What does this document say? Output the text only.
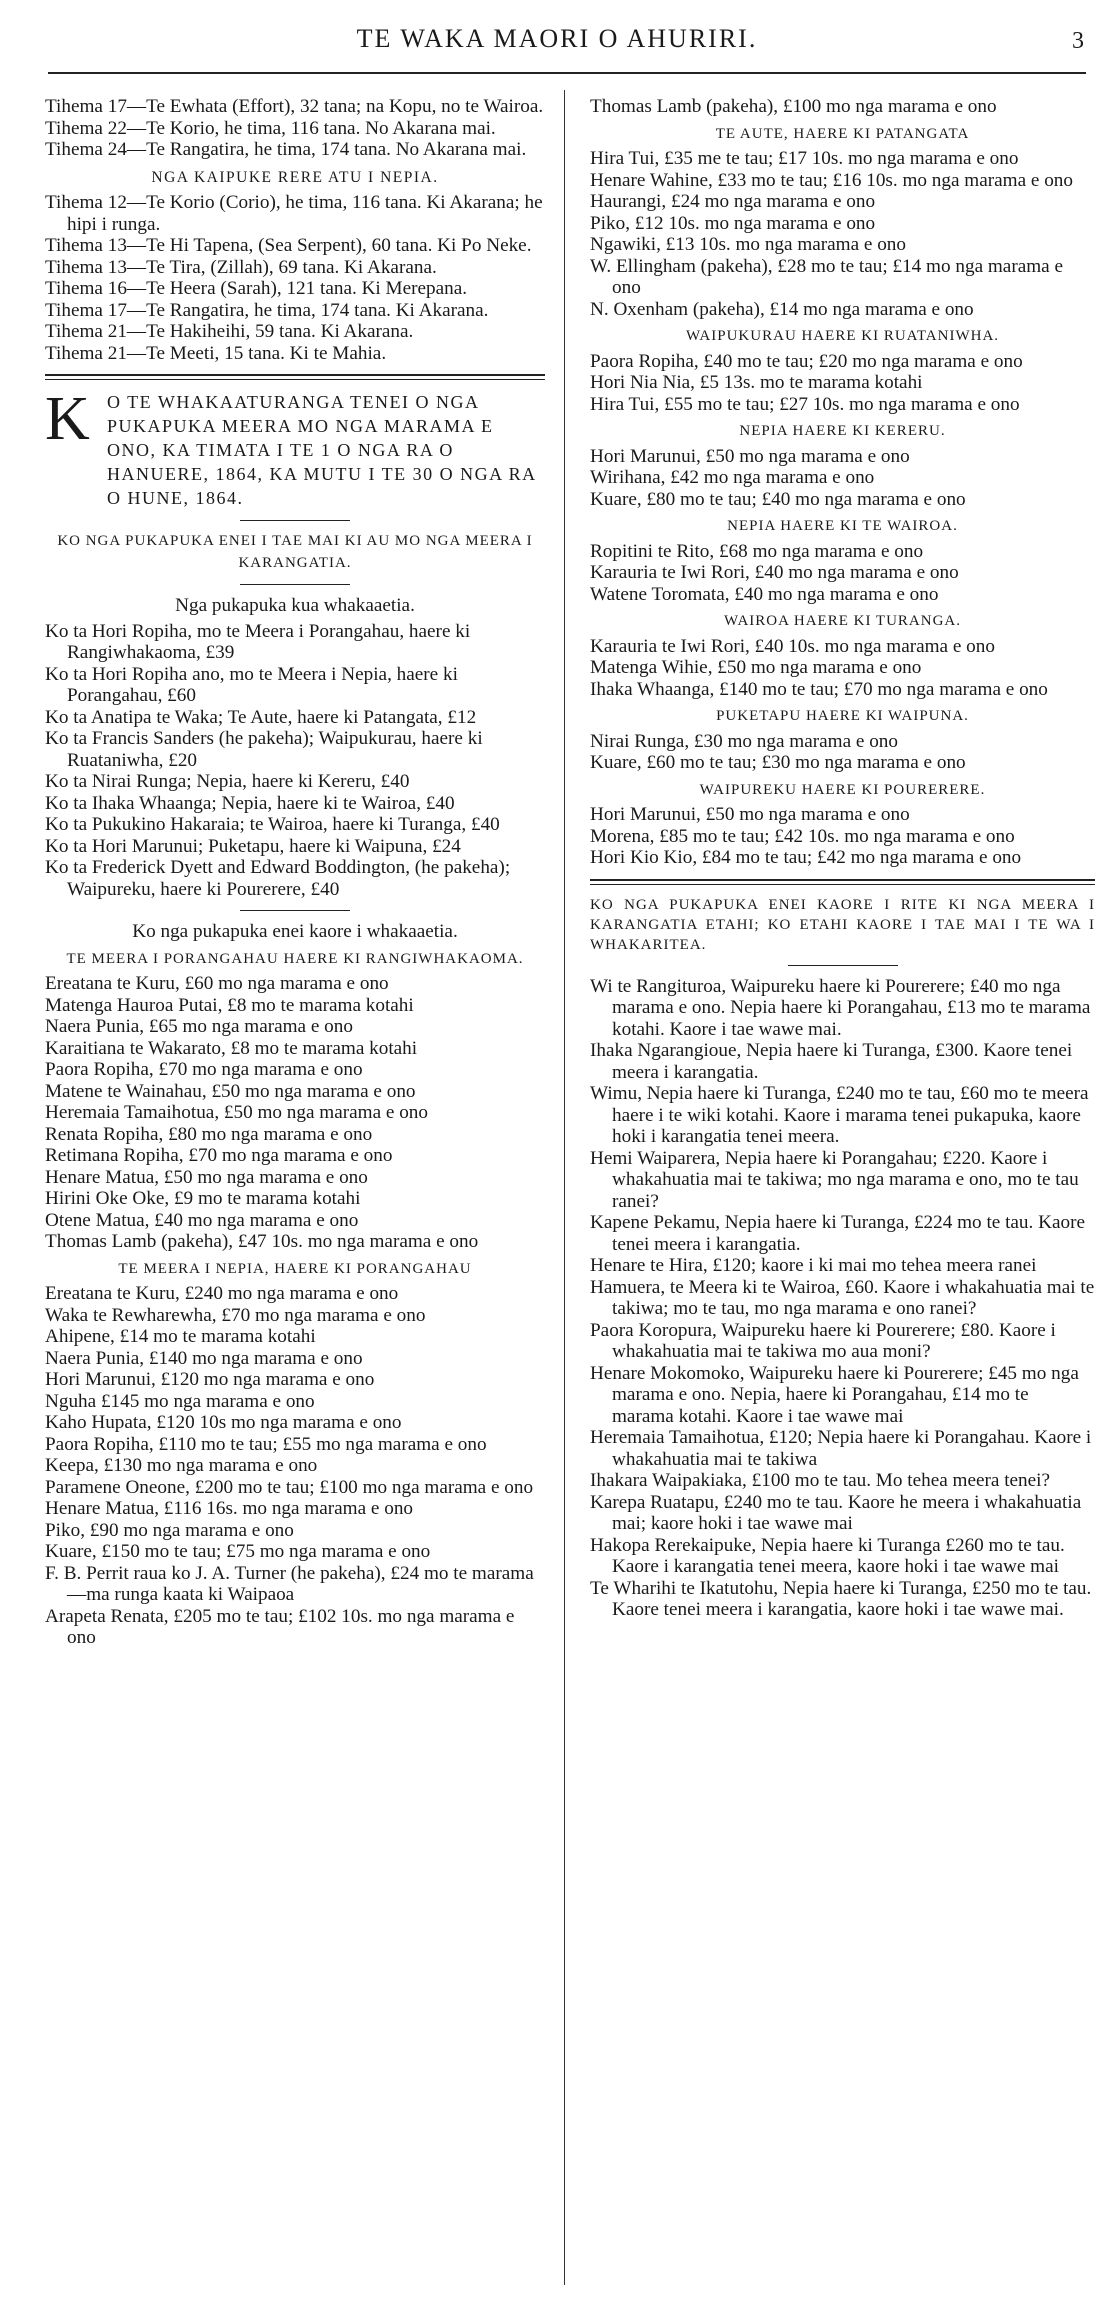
TE WAKA MAORI O AHURIRI.	3

Tihema 17—Te Ewhata (Effort), 32 tana; na Kopu, no te Wairoa.

Tihema 22—Te Korio, he tima, 116 tana. No Akarana mai.

Tihema 24—Te Rangatira, he tima, 174 tana. No Akarana mai.

NGA KAIPUKE RERE ATU I NEPIA.

Tihema 12—Te Korio (Corio), he tima, 116 tana. Ki Akarana; he hipi i runga.

Tihema 13—Te Hi Tapena, (Sea Serpent), 60 tana. Ki Po Neke.

Tihema 13—Te Tira, (Zillah), 69 tana. Ki Akarana.

Tihema 16—Te Heera (Sarah), 121 tana. Ki Merepana.

Tihema 17—Te Rangatira, he tima, 174 tana. Ki Akarana.

Tihema 21—Te Hakiheihi, 59 tana. Ki Akarana.

Tihema 21—Te Meeti, 15 tana. Ki te Mahia.

K O TE WHAKAATURANGA TENEI O NGA PUKAPUKA MEERA MO NGA MARAMA E ONO, KA TIMATA I TE 1 O NGA RA O HANUERE, 1864, KA MUTU I TE 30 O NGA RA O HUNE, 1864.
KO NGA PUKAPUKA ENEI I TAE MAI KI AU MO NGA MEERA I KARANGATIA.
Nga pukapuka kua whakaaetia.

Ko ta Hori Ropiha, mo te Meera i Porangahau, haere ki Rangiwhakaoma, £39

Ko ta Hori Ropiha ano, mo te Meera i Nepia, haere ki Porangahau, £60

Ko ta Anatipa te Waka; Te Aute, haere ki Patangata, £12

Ko ta Francis Sanders (he pakeha); Waipukurau, haere ki Ruataniwha, £20

Ko ta Nirai Runga; Nepia, haere ki Kereru, £40

Ko ta Ihaka Whaanga; Nepia, haere ki te Wairoa, £40

Ko ta Pukukino Hakaraia; te Wairoa, haere ki Turanga, £40

Ko ta Hori Marunui; Puketapu, haere ki Waipuna, £24

Ko ta Frederick Dyett and Edward Boddington, (he pakeha); Waipureku, haere ki Pourerere, £40

Ko nga pukapuka enei kaore i whakaaetia.
TE MEERA I PORANGAHAU HAERE KI RANGIWHAKAOMA.

Ereatana te Kuru, £60 mo nga marama e ono

Matenga Hauroa Putai, £8 mo te marama kotahi

Naera Punia, £65 mo nga marama e ono

Karaitiana te Wakarato, £8 mo te marama kotahi

Paora Ropiha, £70 mo nga marama e ono

Matene te Wainahau, £50 mo nga marama e ono

Heremaia Tamaihotua, £50 mo nga marama e ono

Renata Ropiha, £80 mo nga marama e ono

Retimana Ropiha, £70 mo nga marama e ono

Henare Matua, £50 mo nga marama e ono

Hirini Oke Oke, £9 mo te marama kotahi

Otene Matua, £40 mo nga marama e ono

Thomas Lamb (pakeha), £47 10s. mo nga marama e ono

TE MEERA I NEPIA, HAERE KI PORANGAHAU

Ereatana te Kuru, £240 mo nga marama e ono

Waka te Rewharewha, £70 mo nga marama e ono

Ahipene, £14 mo te marama kotahi

Naera Punia, £140 mo nga marama e ono

Hori Marunui, £120 mo nga marama e ono

Nguha £145 mo nga marama e ono

Kaho Hupata, £120 10s mo nga marama e ono

Paora Ropiha, £110 mo te tau; £55 mo nga marama e ono

Keepa, £130 mo nga marama e ono

Paramene Oneone, £200 mo te tau; £100 mo nga marama e ono

Henare Matua, £116 16s. mo nga marama e ono

Piko, £90 mo nga marama e ono

Kuare, £150 mo te tau; £75 mo nga marama e ono

F. B. Perrit raua ko J. A. Turner (he pakeha), £24 mo te marama—ma runga kaata ki Waipaoa

Arapeta Renata, £205 mo te tau; £102 10s. mo nga marama e ono

Thomas Lamb (pakeha), £100 mo nga marama e ono

TE AUTE, HAERE KI PATANGATA

Hira Tui, £35 me te tau; £17 10s. mo nga marama e ono

Henare Wahine, £33 mo te tau; £16 10s. mo nga marama e ono

Haurangi, £24 mo nga marama e ono

Piko, £12 10s. mo nga marama e ono

Ngawiki, £13 10s. mo nga marama e ono

W. Ellingham (pakeha), £28 mo te tau; £14 mo nga marama e ono

N. Oxenham (pakeha), £14 mo nga marama e ono

WAIPUKURAU HAERE KI RUATANIWHA.

Paora Ropiha, £40 mo te tau; £20 mo nga marama e ono

Hori Nia Nia, £5 13s. mo te marama kotahi

Hira Tui, £55 mo te tau; £27 10s. mo nga marama e ono

NEPIA HAERE KI KERERU.

Hori Marunui, £50 mo nga marama e ono

Wirihana, £42 mo nga marama e ono

Kuare, £80 mo te tau; £40 mo nga marama e ono

NEPIA HAERE KI TE WAIROA.

Ropitini te Rito, £68 mo nga marama e ono

Karauria te Iwi Rori, £40 mo nga marama e ono

Watene Toromata, £40 mo nga marama e ono

WAIROA HAERE KI TURANGA.

Karauria te Iwi Rori, £40 10s. mo nga marama e ono

Matenga Wihie, £50 mo nga marama e ono

Ihaka Whaanga, £140 mo te tau; £70 mo nga marama e ono

PUKETAPU HAERE KI WAIPUNA.

Nirai Runga, £30 mo nga marama e ono

Kuare, £60 mo te tau; £30 mo nga marama e ono

WAIPUREKU HAERE KI POURERERE.

Hori Marunui, £50 mo nga marama e ono

Morena, £85 mo te tau; £42 10s. mo nga marama e ono

Hori Kio Kio, £84 mo te tau; £42 mo nga marama e ono

KO NGA PUKAPUKA ENEI KAORE I RITE KI NGA MEERA I KARANGATIA ETAHI; KO ETAHI KAORE I TAE MAI I TE WA I WHAKARITEA.

Wi te Rangituroa, Waipureku haere ki Pourerere; £40 mo nga marama e ono. Nepia haere ki Porangahau, £13 mo te marama kotahi. Kaore i tae wawe mai.

Ihaka Ngarangioue, Nepia haere ki Turanga, £300. Kaore tenei meera i karangatia.

Wimu, Nepia haere ki Turanga, £240 mo te tau, £60 mo te meera haere i te wiki kotahi. Kaore i marama tenei pukapuka, kaore hoki i karangatia tenei meera.

Hemi Waiparera, Nepia haere ki Porangahau; £220. Kaore i whakahuatia mai te takiwa; mo nga marama e ono, mo te tau ranei?

Kapene Pekamu, Nepia haere ki Turanga, £224 mo te tau. Kaore tenei meera i karangatia.

Henare te Hira, £120; kaore i ki mai mo tehea meera ranei

Hamuera, te Meera ki te Wairoa, £60. Kaore i whakahuatia mai te takiwa; mo te tau, mo nga marama e ono ranei?

Paora Koropura, Waipureku haere ki Pourerere; £80. Kaore i whakahuatia mai te takiwa mo aua moni?

Henare Mokomoko, Waipureku haere ki Pourerere; £45 mo nga marama e ono. Nepia, haere ki Porangahau, £14 mo te marama kotahi. Kaore i tae wawe mai

Heremaia Tamaihotua, £120; Nepia haere ki Porangahau. Kaore i whakahuatia mai te takiwa

Ihakara Waipakiaka, £100 mo te tau. Mo tehea meera tenei?

Karepa Ruatapu, £240 mo te tau. Kaore he meera i whakahuatia mai; kaore hoki i tae wawe mai

Hakopa Rerekaipuke, Nepia haere ki Turanga £260 mo te tau. Kaore i karangatia tenei meera, kaore hoki i tae wawe mai

Te Wharihi te Ikatutohu, Nepia haere ki Turanga, £250 mo te tau. Kaore tenei meera i karangatia, kaore hoki i tae wawe mai.
